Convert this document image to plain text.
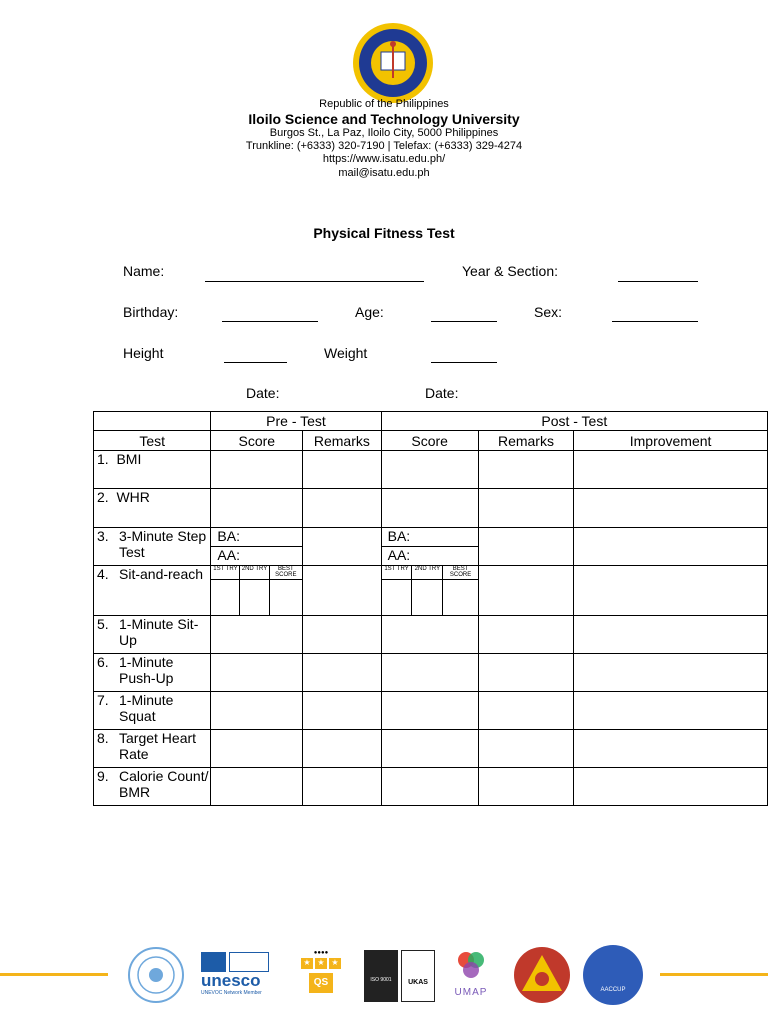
Republic of the Philippines
Iloilo Science and Technology University
Burgos St., La Paz, Iloilo City, 5000 Philippines
Trunkline: (+6333) 320-7190 | Telefax: (+6333) 329-4274
https://www.isatu.edu.ph/
mail@isatu.edu.ph
Physical Fitness Test
Name:	Year & Section:
Birthday:	Age:	Sex:
Height	Weight
Date:	Date:
	Pre - Test				Post - Test				
Test	Score			Remarks	Score			Remarks	Improvement
1. BMI									
2. WHR									

3. 3-Minute Step Test	BA:				BA:				
	AA:				AA:				

4. Sit-and-reach	1ST TRY	2ND TRY	BEST SCORE		1ST TRY	2ND TRY	BEST SCORE		

5. 1-Minute Sit-Up									

6. 1-Minute Push-Up									

7. 1-Minute Squat									

8. Target Heart Rate									

9. Calorie Count/ BMR									

unesco
UNEVOC Network Member
●●●●
★ ★ ★
QS	ISO 9001	UKAS
UMAP	AACCUP
